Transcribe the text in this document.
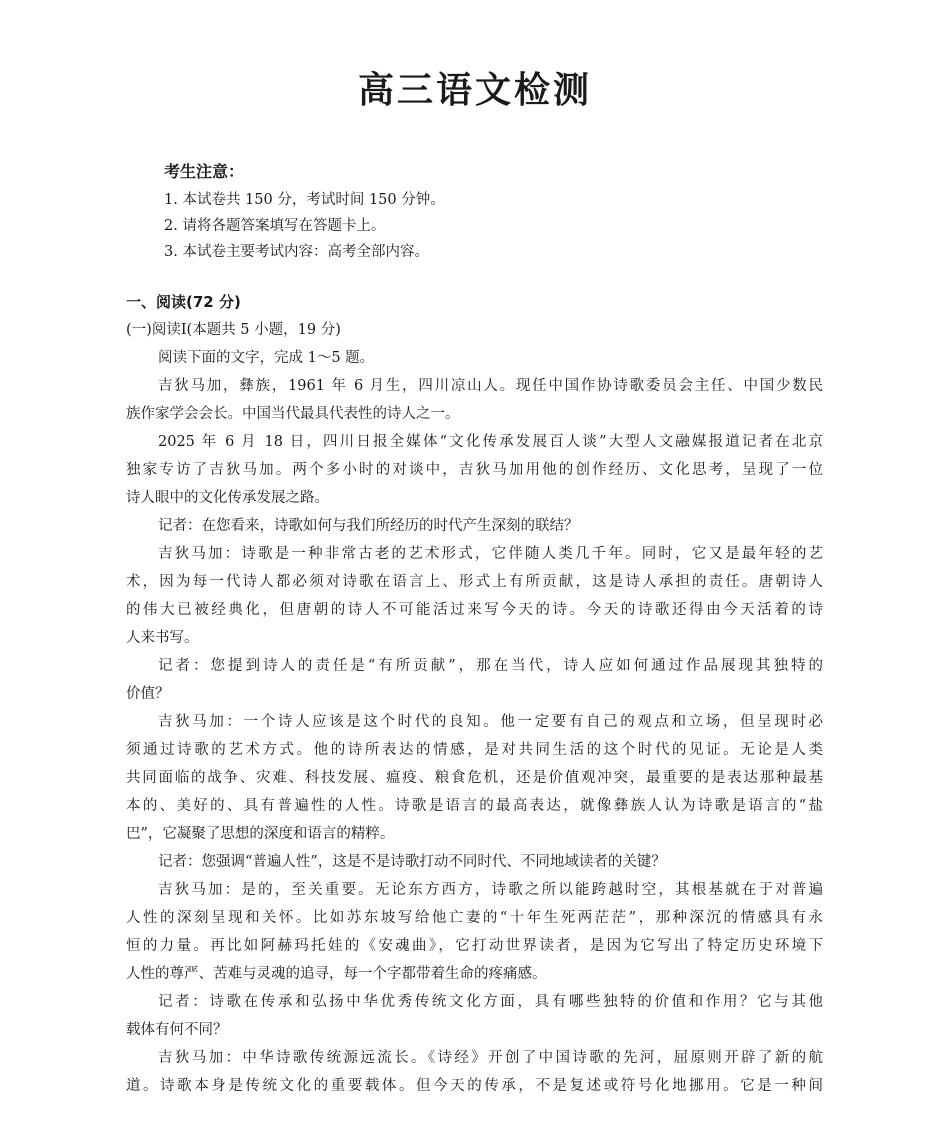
高三语文检测
考生注意：
1. 本试卷共 150 分，考试时间 150 分钟。
2. 请将各题答案填写在答题卡上。
3. 本试卷主要考试内容：高考全部内容。
一、阅读(72 分)
(一)阅读Ⅰ(本题共 5 小题，19 分)
阅读下面的文字，完成 1～5 题。
吉狄马加，彝族，1961 年 6 月生，四川凉山人。现任中国作协诗歌委员会主任、中国少数民
族作家学会会长。中国当代最具代表性的诗人之一。
2025 年 6 月 18 日，四川日报全媒体“文化传承发展百人谈”大型人文融媒报道记者在北京
独家专访了吉狄马加。两个多小时的对谈中，吉狄马加用他的创作经历、文化思考，呈现了一位
诗人眼中的文化传承发展之路。
记者：在您看来，诗歌如何与我们所经历的时代产生深刻的联结？
吉狄马加：诗歌是一种非常古老的艺术形式，它伴随人类几千年。同时，它又是最年轻的艺
术，因为每一代诗人都必须对诗歌在语言上、形式上有所贡献，这是诗人承担的责任。唐朝诗人
的伟大已被经典化，但唐朝的诗人不可能活过来写今天的诗。今天的诗歌还得由今天活着的诗
人来书写。
记者：您提到诗人的责任是“有所贡献”，那在当代，诗人应如何通过作品展现其独特的
价值？
吉狄马加：一个诗人应该是这个时代的良知。他一定要有自己的观点和立场，但呈现时必
须通过诗歌的艺术方式。他的诗所表达的情感，是对共同生活的这个时代的见证。无论是人类
共同面临的战争、灾难、科技发展、瘟疫、粮食危机，还是价值观冲突，最重要的是表达那种最基
本的、美好的、具有普遍性的人性。诗歌是语言的最高表达，就像彝族人认为诗歌是语言的“盐
巴”，它凝聚了思想的深度和语言的精粹。
记者：您强调“普遍人性”，这是不是诗歌打动不同时代、不同地域读者的关键？
吉狄马加：是的，至关重要。无论东方西方，诗歌之所以能跨越时空，其根基就在于对普遍
人性的深刻呈现和关怀。比如苏东坡写给他亡妻的“十年生死两茫茫”，那种深沉的情感具有永
恒的力量。再比如阿赫玛托娃的《安魂曲》，它打动世界读者，是因为它写出了特定历史环境下
人性的尊严、苦难与灵魂的追寻，每一个字都带着生命的疼痛感。
记者：诗歌在传承和弘扬中华优秀传统文化方面，具有哪些独特的价值和作用？它与其他
载体有何不同？
吉狄马加：中华诗歌传统源远流长。《诗经》开创了中国诗歌的先河，屈原则开辟了新的航
道。诗歌本身是传统文化的重要载体。但今天的传承，不是复述或符号化地挪用。它是一种间
